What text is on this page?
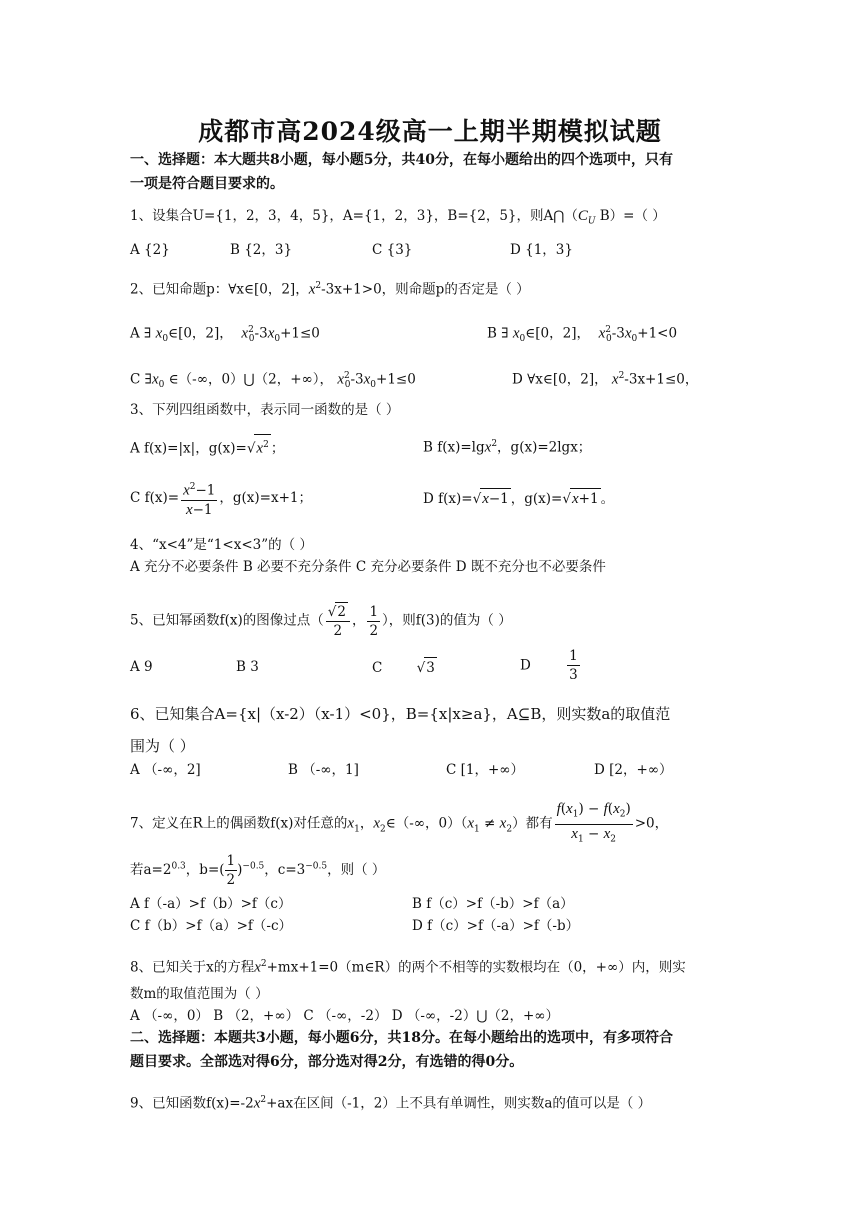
成都市高2024级高一上期半期模拟试题
一、选择题：本大题共8小题，每小题5分，共40分，在每小题给出的四个选项中，只有
一项是符合题目要求的。
1、设集合U={1，2，3，4，5}，A={1，2，3}，B={2，5}，则$A⋂(C_U$ B）=（ ）
A {2}	B {2，3}	C {3}	D {1，3}
2、已知命题p：∀x∈[0，2]，$x^2-3x+1>0$，则命题p的否定是（ ）
A ∃ $x_0\in[0$，2]， $x^2_0-3x_0+1\le 0$	B ∃ $x_0\in[0$，2]， $x^2_0-3x_0+1<0$
C $\exists x_0$ ∈（-∞，0）⋃（2，+∞）， $x^2_0-3x_0+1\le 0$	D ∀x∈[0，2]， $x^2-3x+1\le 0$，
3、下列四组函数中，表示同一函数的是（ ）
A f(x)=|x|，$g(x)=√x^2$ ；	B f(x)=lgx$^2$，g(x)=2lgx；
C $f(x)= \frac{x^2-1}{x-1}$ ，g(x)=x+1；	D f(x)=√x−1 ，g(x)=√x+1 。
4、“x<4”是“1<x<3”的（ ）
A 充分不必要条件 B 必要不充分条件 C 充分必要条件 D 既不充分也不必要条件
5、已知幂函数f(x)的图像过点（ $\frac{√2}{2}$ ， $\frac{1}{2}$ ），则f(3)的值为（ ）
A 9	B 3	C        √3	D	$\frac{1}{3}$
6、已知集合A={x|（x-2）（x-1）<0}，B={x|x≥a}，A⊆B，则实数a的取值范
围为（ ）
A （-∞，2]	B （-∞，1]	C [1，+∞）	D [2，+∞）
7、定义在R上的偶函数f(x)对任意的$x_1$，$x_2\in(-\infty$，$0)(x_1 \ne x_2)$都有 $\frac{f(x_1) - f(x_2)}{x_1 - x_2} >0$，
若$a=2^{0.3}$，$b=( \frac{1}{2} )^{-0.5}$，$c=3^{-0.5}$，则（ ）
A f（-a）>f（b）>f（c）	B f（c）>f（-b）>f（a）
C f（b）>f（a）>f（-c）	D f（c）>f（-a）>f（-b）
8、已知关于x的方程$x^2+mx+1=0(m\in R)$的两个不相等的实数根均在（0，+∞）内，则实
数m的取值范围为（ ）
A （-∞，0） B （2，+∞） C （-∞，-2） D （-∞，-2）⋃（2，+∞）
二、选择题：本题共3小题，每小题6分，共18分。在每小题给出的选项中，有多项符合
题目要求。全部选对得6分，部分选对得2分，有选错的得0分。
9、已知函数$f(x)=-2x^2+ax$在区间（-1，2）上不具有单调性，则实数a的值可以是（ ）
